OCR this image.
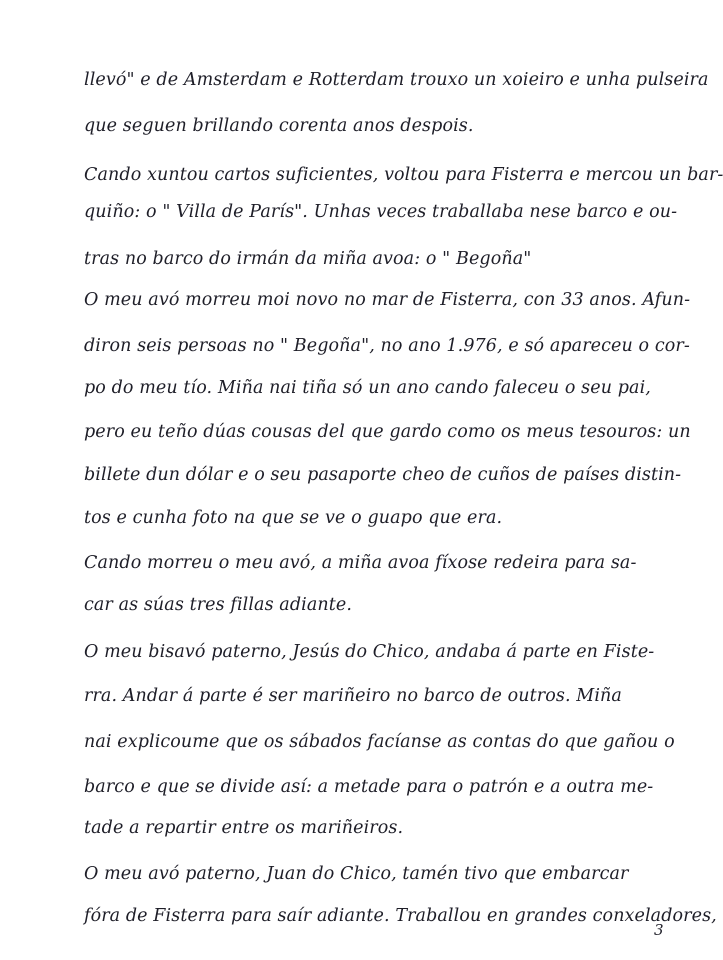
llevó" e de Amsterdam e Rotterdam trouxo un xoieiro e unha pulseira
que seguen brillando corenta anos despois.
Cando xuntou cartos suficientes, voltou para Fisterra e mercou un bar-
quiño: o " Villa de París". Unhas veces traballaba nese barco e ou-
tras no barco do irmán da miña avoa: o " Begoña"
O meu avó morreu moi novo no mar de Fisterra, con 33 anos. Afun-
diron seis persoas no " Begoña", no ano 1.976, e só apareceu o cor-
po do meu tío. Miña nai tiña só un ano cando faleceu o seu pai,
pero eu teño dúas cousas del que gardo como os meus tesouros: un
billete dun dólar e o seu pasaporte cheo de cuños de países distin-
tos e cunha foto na que se ve o guapo que era.
Cando morreu o meu avó, a miña avoa fíxose redeira para sa-
car as súas tres fillas adiante.
O meu bisavó paterno, Jesús do Chico, andaba á parte en Fiste-
rra. Andar á parte é ser mariñeiro no barco de outros. Miña
nai explicoume que os sábados facíanse as contas do que gañou o
barco e que se divide así: a metade para o patrón e a outra me-
tade a repartir entre os mariñeiros.
O meu avó paterno, Juan do Chico, tamén tivo que embarcar
fóra de Fisterra para saír adiante. Traballou en grandes conxeladores,
3
